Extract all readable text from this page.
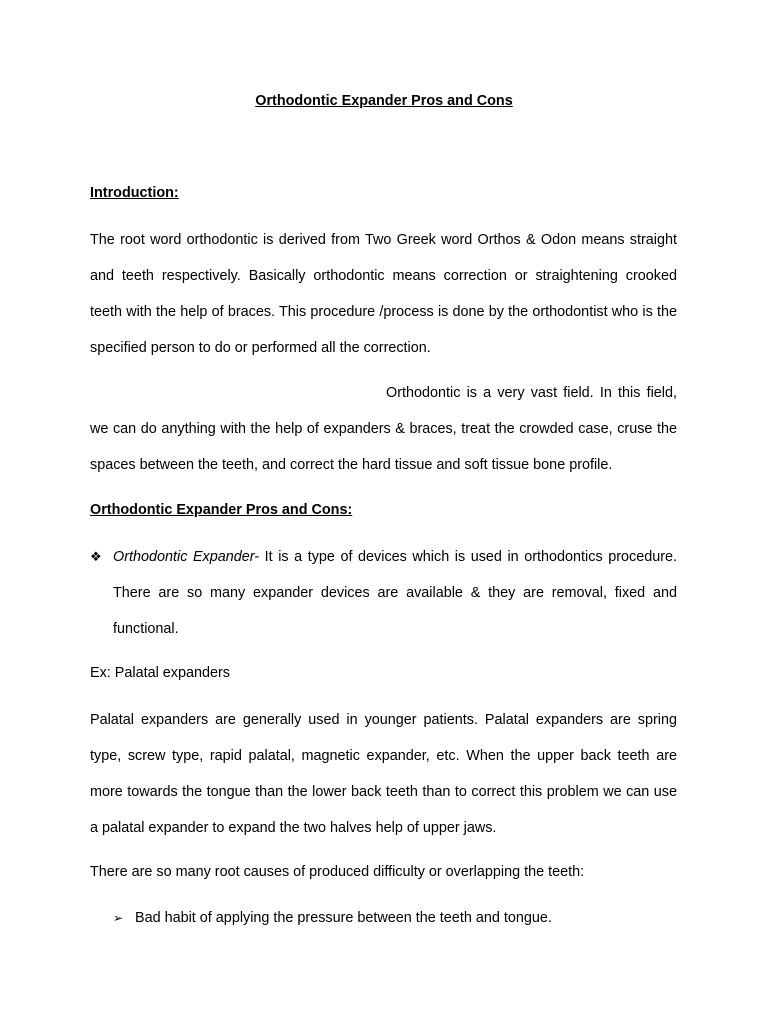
Orthodontic Expander Pros and Cons
Introduction:

The root word orthodontic is derived from Two Greek word Orthos & Odon means straight and teeth respectively. Basically orthodontic means correction or straightening crooked teeth with the help of braces. This procedure /process is done by the orthodontist who is the specified person to do or performed all the correction.

Orthodontic is a very vast field. In this field, we can do anything with the help of expanders & braces, treat the crowded case, cruse the spaces between the teeth, and correct the hard tissue and soft tissue bone profile.

Orthodontic Expander Pros and Cons:
❖ Orthodontic Expander- It is a type of devices which is used in orthodontics procedure. There are so many expander devices are available & they are removal, fixed and functional.
Ex: Palatal expanders

Palatal expanders are generally used in younger patients. Palatal expanders are spring type, screw type, rapid palatal, magnetic expander, etc. When the upper back teeth are more towards the tongue than the lower back teeth than to correct this problem we can use a palatal expander to expand the two halves help of upper jaws.

There are so many root causes of produced difficulty or overlapping the teeth:
➢ Bad habit of applying the pressure between the teeth and tongue.
